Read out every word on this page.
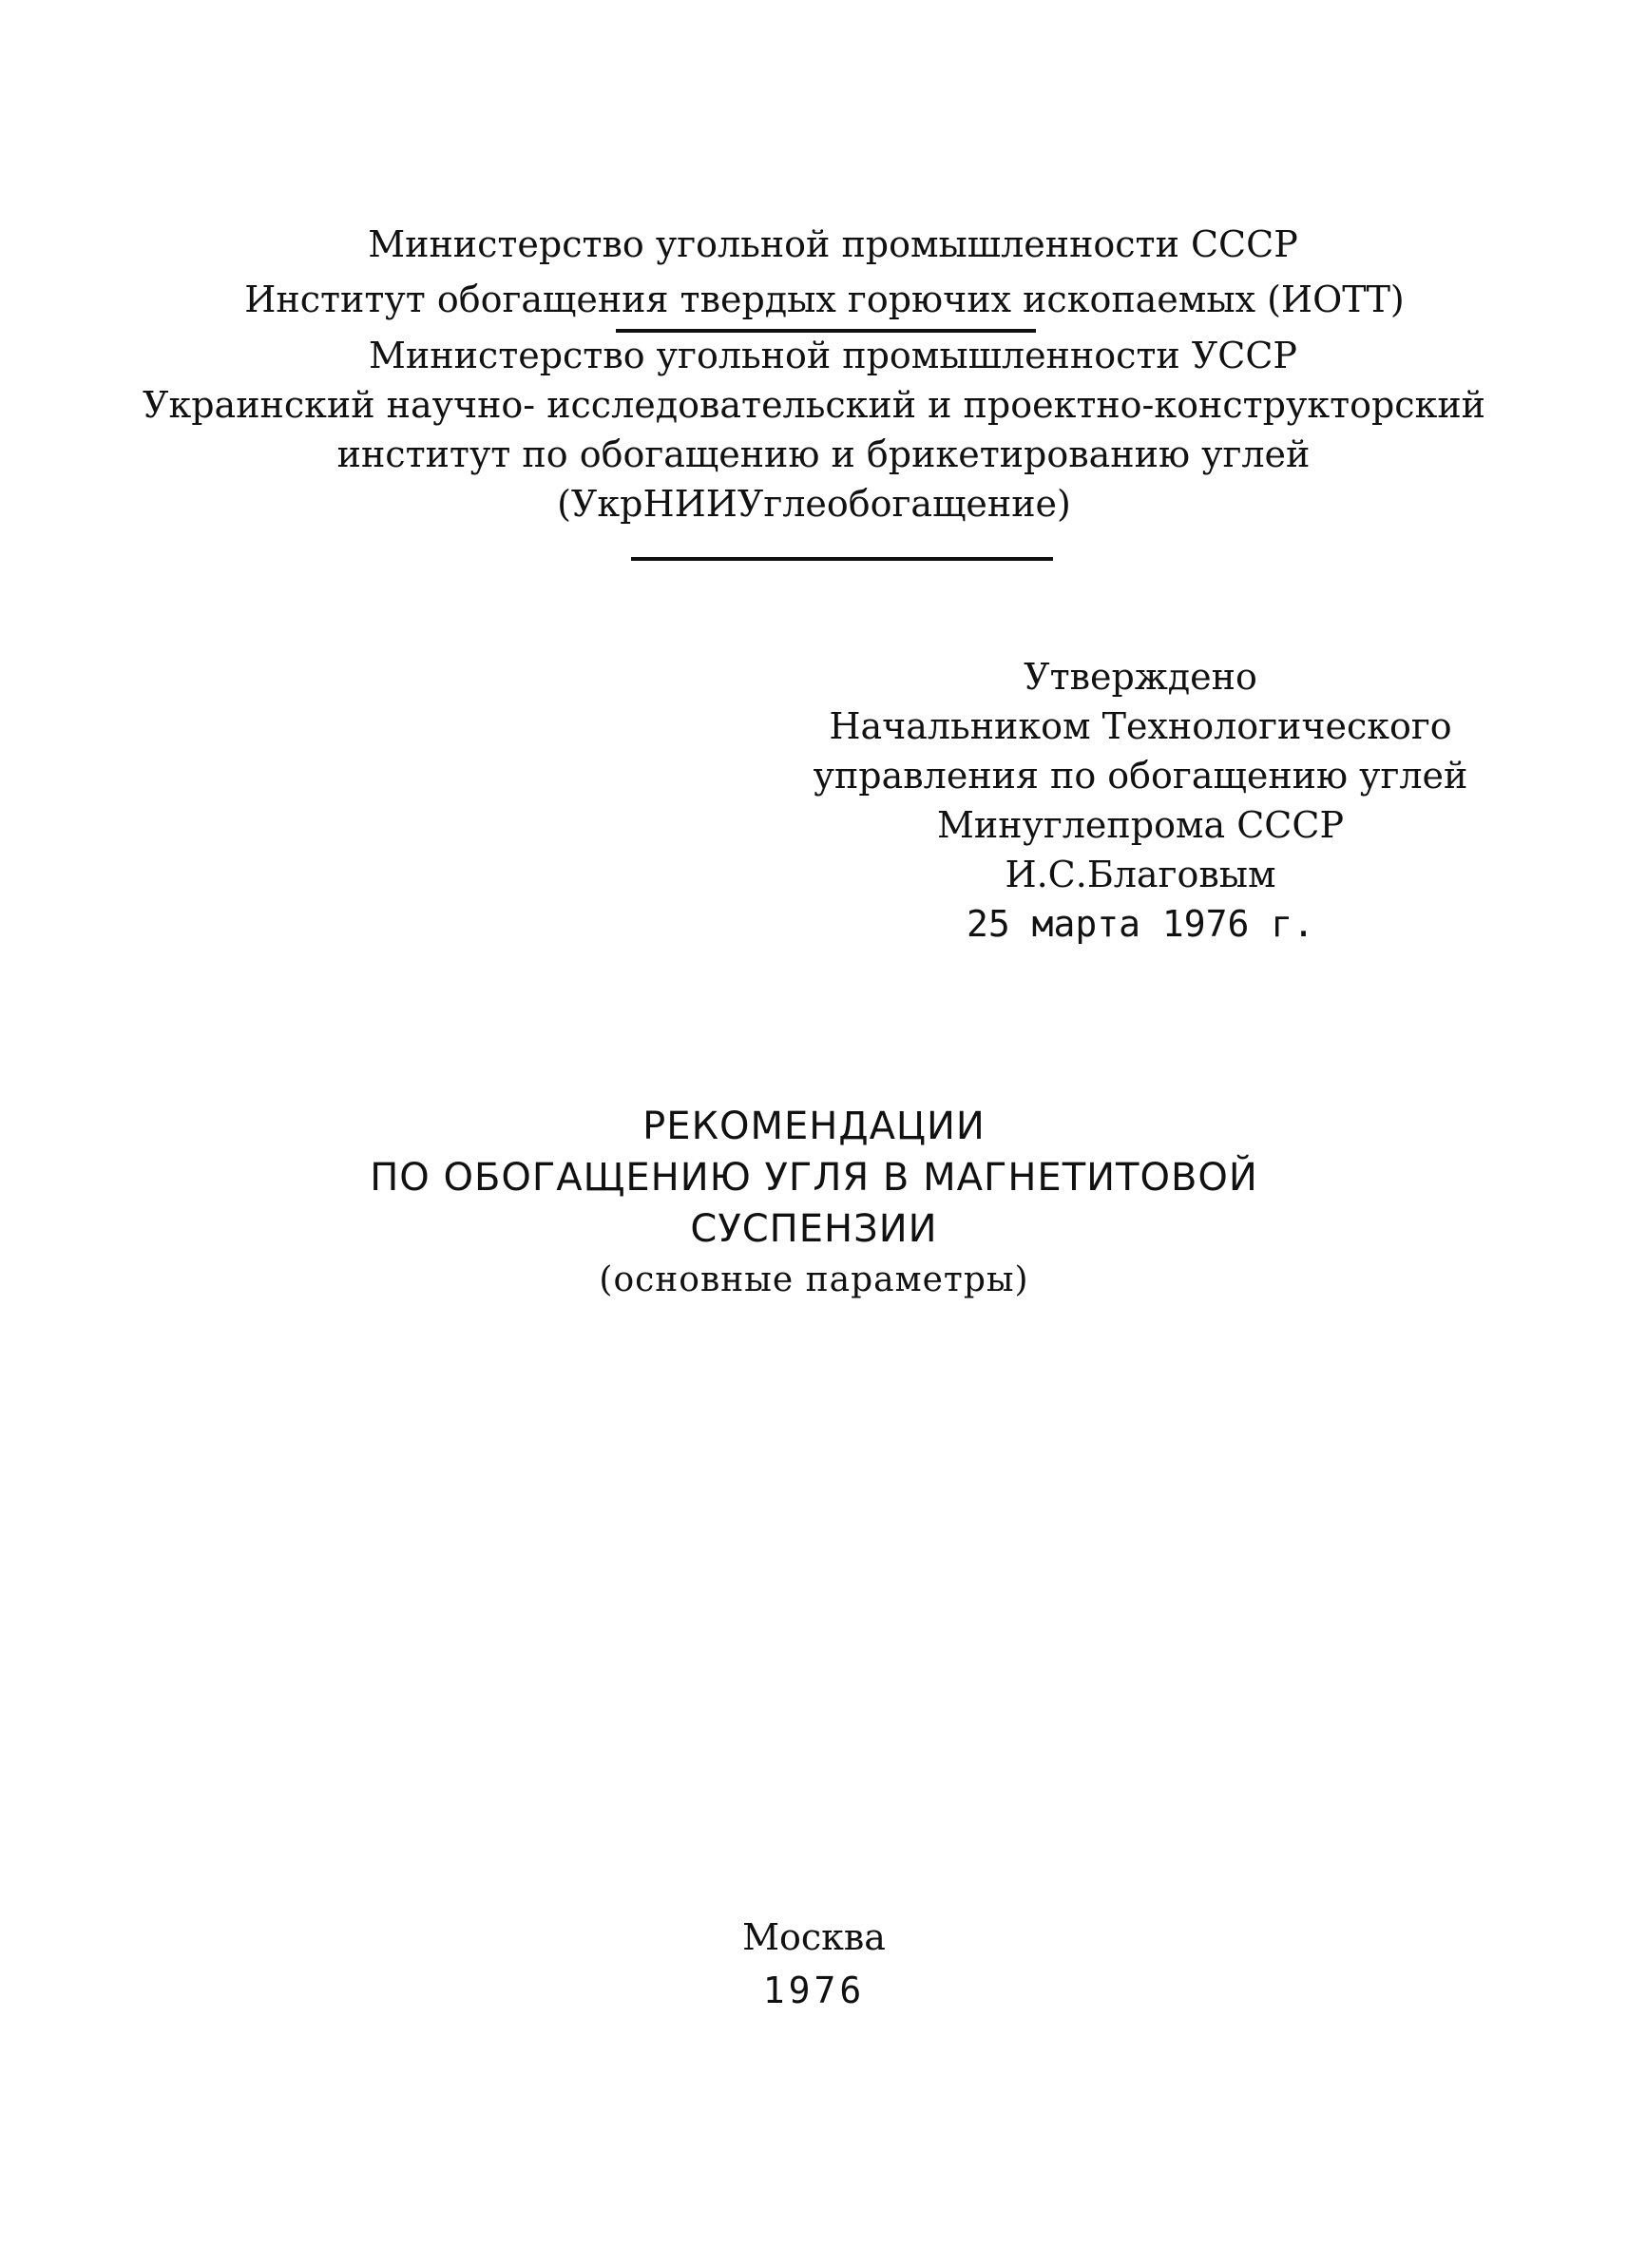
Министерство угольной промышленности СССР
Институт обогащения твердых горючих ископаемых (ИОТТ)
Министерство угольной промышленности УССР
Украинский научно- исследовательский и проектно-конструкторский
институт по обогащению и брикетированию углей
(УкрНИИУглеобогащение)
Утверждено
Начальником Технологического
управления по обогащению углей
Минуглепрома СССР
И.С.Благовым
25 марта 1976 г.
РЕКОМЕНДАЦИИ
ПО ОБОГАЩЕНИЮ УГЛЯ В МАГНЕТИТОВОЙ
СУСПЕНЗИИ
(основные параметры)
Москва
1976
